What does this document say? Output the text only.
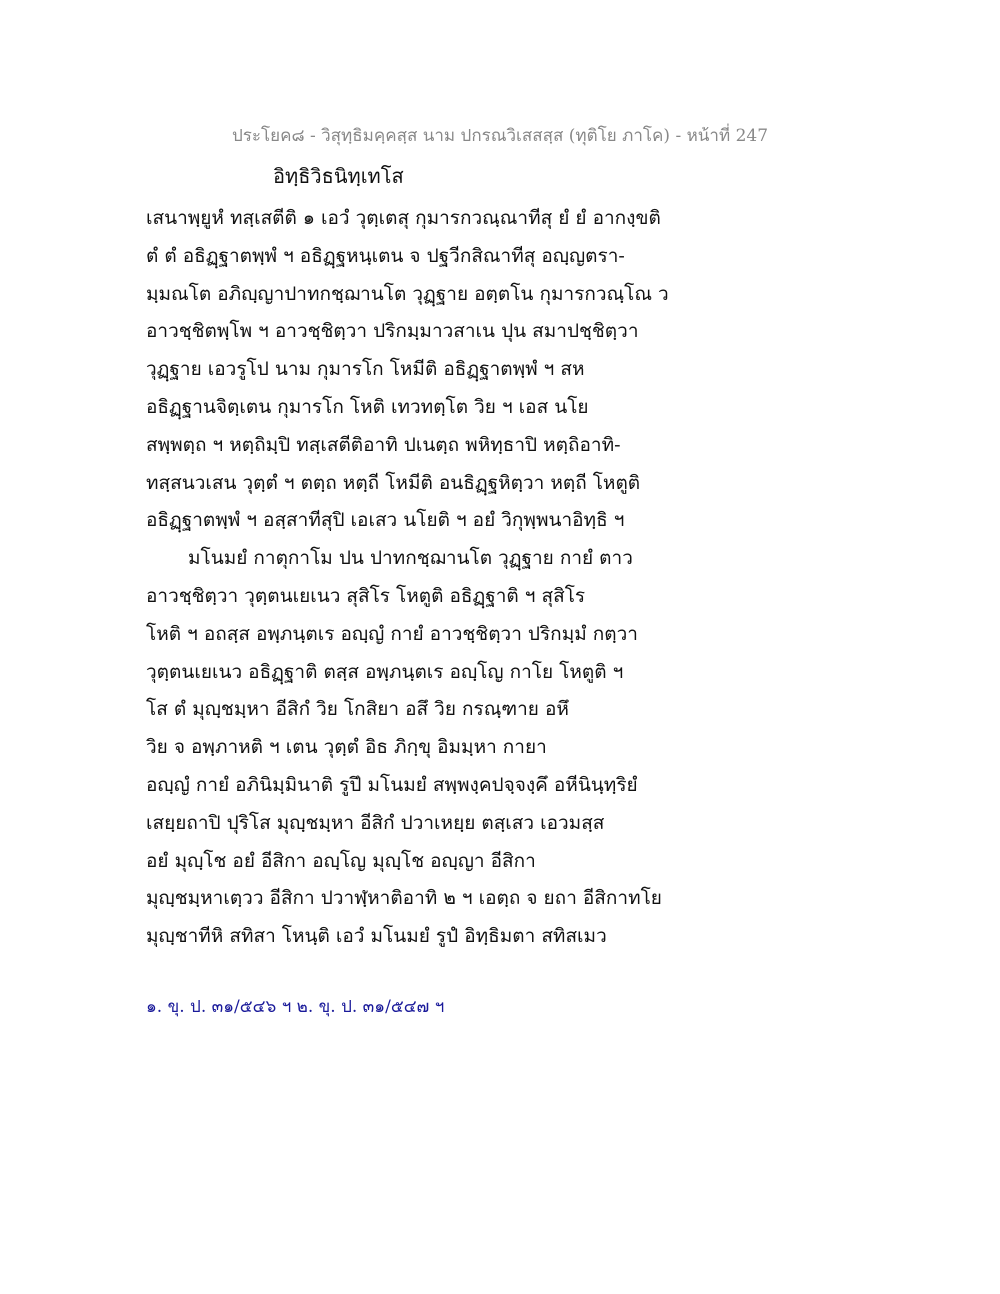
ประโยค๘ - วิสุทฺธิมคฺคสฺส นาม ปกรณวิเสสสฺส (ทุติโย ภาโค) - หน้าที่ 247
อิทฺธิวิธนิทฺเทโส
เสนาพฺยูหํ ทสฺเสตีติ ๑ เอวํ วุตฺเตสุ กุมารกวณฺณาทีสุ ยํ ยํ อากงฺขติ
ตํ ตํ อธิฏฺฐาตพฺพํ ฯ อธิฏฺฐหนฺเตน จ ปฐวีกสิณาทีสุ อญฺญตรา-
มฺมณโต อภิญฺญาปาทกชฺฌานโต วุฏฺฐาย อตฺตโน กุมารกวณฺโณ ว
อาวชฺชิตพฺโพ ฯ อาวชฺชิตฺวา ปริกมฺมาวสาเน ปุน สมาปชฺชิตฺวา
วุฏฺฐาย เอวรูโป นาม กุมารโก โหมีติ อธิฏฺฐาตพฺพํ ฯ สห
อธิฏฺฐานจิตฺเตน กุมารโก โหติ เทวทตฺโต วิย ฯ เอส นโย
สพฺพตฺถ ฯ หตฺถิมฺปิ ทสฺเสตีติอาทิ ปเนตฺถ พหิทฺธาปิ หตฺถิอาทิ-
ทสฺสนวเสน วุตฺตํ ฯ ตตฺถ หตฺถี โหมีติ อนธิฏฺฐหิตฺวา หตฺถี โหตูติ
อธิฏฺฐาตพฺพํ ฯ อสฺสาทีสุปิ เอเสว นโยติ ฯ อยํ วิกุพฺพนาอิทฺธิ ฯ
มโนมยํ กาตุกาโม ปน ปาทกชฺฌานโต วุฏฺฐาย กายํ ตาว
อาวชฺชิตฺวา วุตฺตนเยเนว สุสิโร โหตูติ อธิฏฺฐาติ ฯ สุสิโร
โหติ ฯ อถสฺส อพฺภนฺตเร อญฺญํ กายํ อาวชฺชิตฺวา ปริกมฺมํ กตฺวา
วุตฺตนเยเนว อธิฏฺฐาติ ตสฺส อพฺภนฺตเร อญฺโญ กาโย โหตูติ ฯ
โส ตํ มุญฺชมฺหา อีสิกํ วิย โกสิยา อสึ วิย กรณฺฑาย อหึ
วิย จ อพฺภาหติ ฯ เตน วุตฺตํ อิธ ภิกฺขุ อิมมฺหา กายา
อญฺญํ กายํ อภินิมฺมินาติ รูปึ มโนมยํ สพฺพงฺคปจฺจงฺคึ อหีนินฺทฺริยํ
เสยฺยถาปิ ปุริโส มุญฺชมฺหา อีสิกํ ปวาเหยฺย ตสฺเสว เอวมสฺส
อยํ มุญฺโช อยํ อีสิกา อญฺโญ มุญฺโช อญฺญา อีสิกา
มุญฺชมฺหาเตฺวว อีสิกา ปวาฬฺหาติอาทิ ๒ ฯ เอตฺถ จ ยถา อีสิกาทโย
มุญฺชาทีหิ สทิสา โหนฺติ เอวํ มโนมยํ รูปํ อิทฺธิมตา สทิสเมว
๑. ขุ. ป. ๓๑/๕๔๖ ฯ ๒. ขุ. ป. ๓๑/๕๔๗ ฯ
